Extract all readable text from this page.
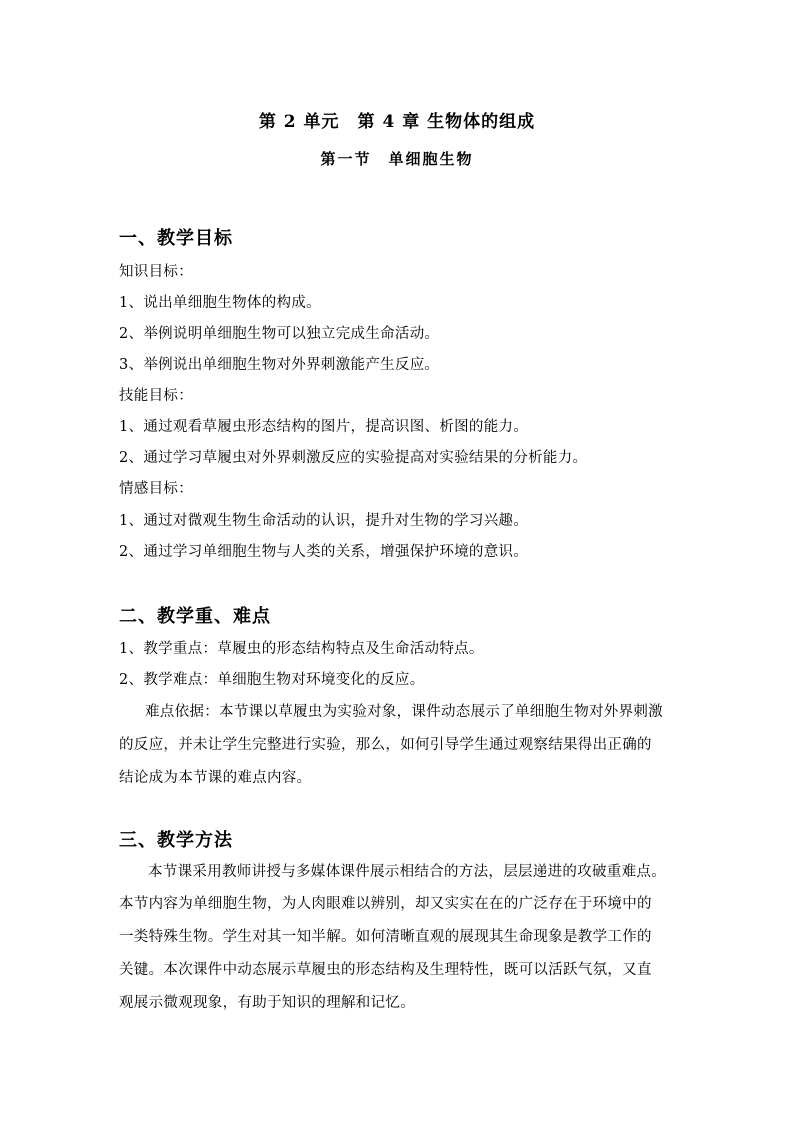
第 2 单元　第 4 章 生物体的组成
第一节　单细胞生物
一、教学目标
知识目标：
1、说出单细胞生物体的构成。
2、举例说明单细胞生物可以独立完成生命活动。
3、举例说出单细胞生物对外界刺激能产生反应。
技能目标：
1、通过观看草履虫形态结构的图片，提高识图、析图的能力。
2、通过学习草履虫对外界刺激反应的实验提高对实验结果的分析能力。
情感目标：
1、通过对微观生物生命活动的认识，提升对生物的学习兴趣。
2、通过学习单细胞生物与人类的关系，增强保护环境的意识。
二、教学重、难点
1、教学重点：草履虫的形态结构特点及生命活动特点。
2、教学难点：单细胞生物对环境变化的反应。
难点依据：本节课以草履虫为实验对象，课件动态展示了单细胞生物对外界刺激
的反应，并未让学生完整进行实验，那么，如何引导学生通过观察结果得出正确的
结论成为本节课的难点内容。
三、教学方法
本节课采用教师讲授与多媒体课件展示相结合的方法，层层递进的攻破重难点。
本节内容为单细胞生物，为人肉眼难以辨别，却又实实在在的广泛存在于环境中的
一类特殊生物。学生对其一知半解。如何清晰直观的展现其生命现象是教学工作的
关键。本次课件中动态展示草履虫的形态结构及生理特性，既可以活跃气氛，又直
观展示微观现象，有助于知识的理解和记忆。
